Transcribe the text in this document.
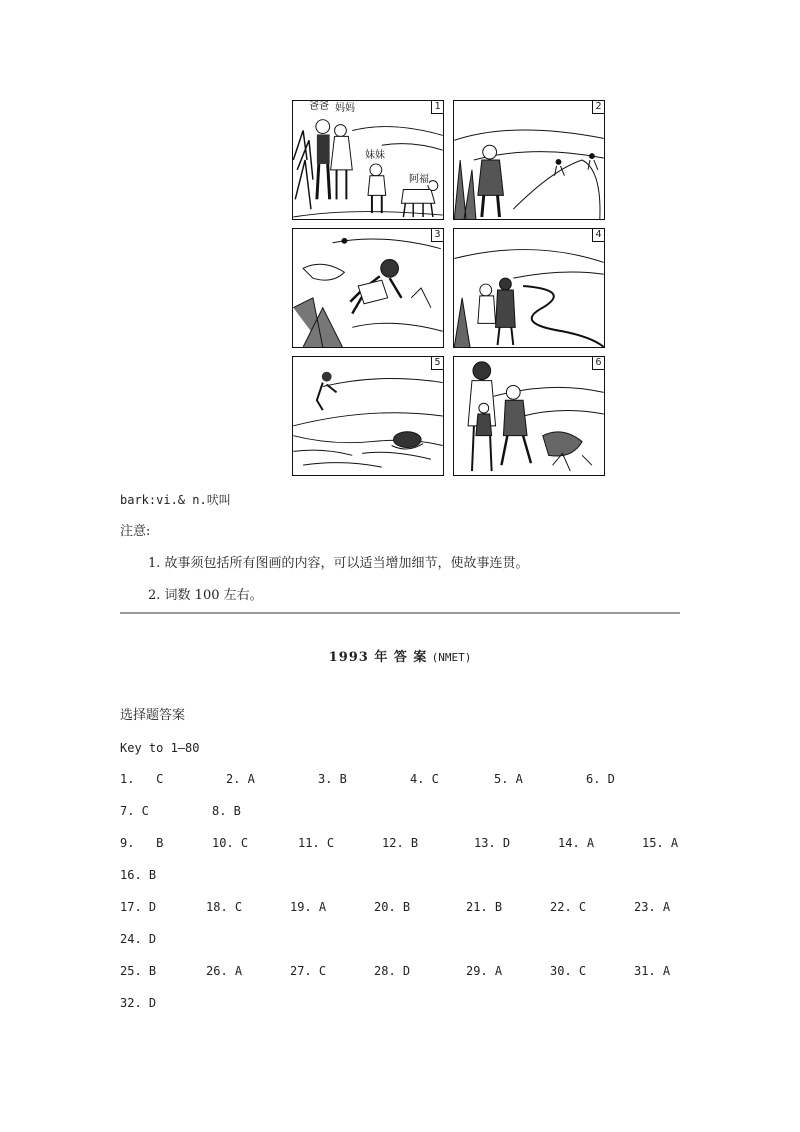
爸爸 妈妈
妹妹
阿福
1	2
3	4
5	6
bark:vi.& n.吠叫
注意:
1. 故事须包括所有图画的内容，可以适当增加细节，使故事连贯。
2. 词数 100 左右。
1993 年 答 案 (NMET)
选择题答案
Key to 1—80
1.   C	2. A	3. B	4. C	5. A	6. D
7. C	8. B
9.   B	10. C	11. C	12. B	13. D	14. A	15. A
16. B
17. D	18. C	19. A	20. B	21. B	22. C	23. A
24. D
25. B	26. A	27. C	28. D	29. A	30. C	31. A
32. D
